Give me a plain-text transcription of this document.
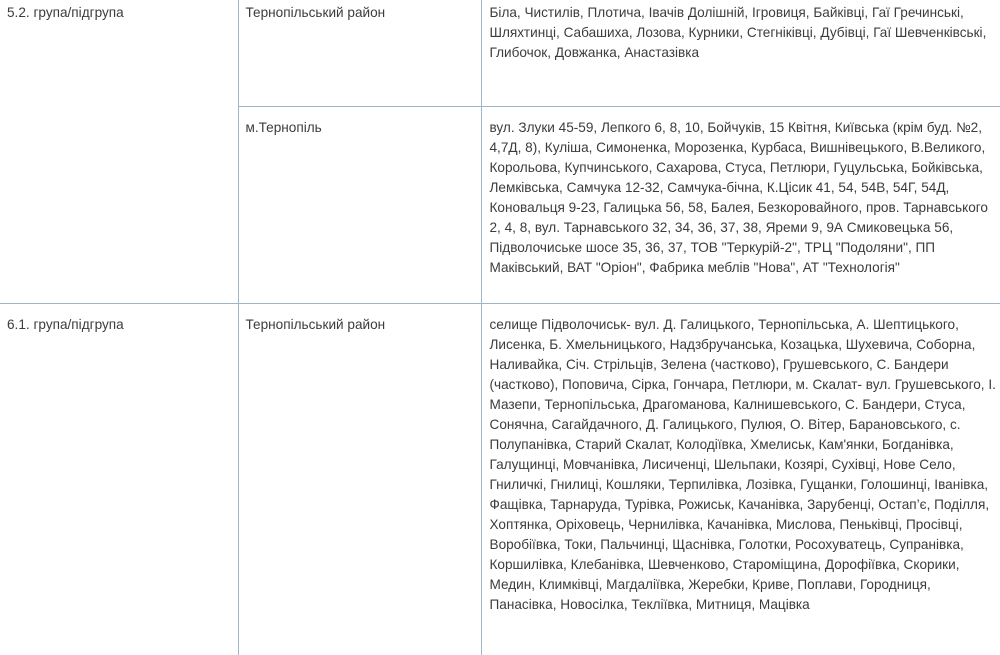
5.2. група/підгрупа	Тернопільський район	Біла, Чистилів, Плотича, Івачів Долішній, Ігровиця, Байківці, Гаї Гречинські, Шляхтинці, Сабашиха, Лозова, Курники, Стегніківці, Дубівці, Гаї Шевченківські, Глибочок, Довжанка, Анастазівка
	м.Тернопіль	вул. Злуки 45-59, Лепкого 6, 8, 10, Бойчуків, 15 Квітня, Київська (крім буд. №2, 4,7Д, 8), Куліша, Симоненка, Морозенка, Курбаса, Вишнівецького, В.Великого, Корольова, Купчинського, Сахарова, Стуса, Петлюри, Гуцульська, Бойківська, Лемківська, Самчука 12-32, Самчука-бічна, К.Цісик 41, 54, 54В, 54Г, 54Д, Коновальця 9-23, Галицька 56, 58, Балея, Безкоровайного, пров. Тарнавського 2, 4, 8, вул. Тарнавського 32, 34, 36, 37, 38, Яреми 9, 9А Смиковецька 56, Підволочиське шосе 35, 36, 37, ТОВ "Теркурій-2", ТРЦ "Подоляни", ПП Маківський, ВАТ "Оріон", Фабрика меблів "Нова", АТ "Технологія"
6.1. група/підгрупа	Тернопільський район	селище Підволочиськ- вул. Д. Галицького, Тернопільська, А. Шептицького, Лисенка, Б. Хмельницького, Надзбручанська, Козацька, Шухевича, Соборна, Наливайка, Січ. Стрільців, Зелена (частково), Грушевського, С. Бандери (частково), Поповича, Сірка, Гончара, Петлюри, м. Скалат- вул. Грушевського, І. Мазепи, Тернопільська, Драгоманова, Калнишевського, С. Бандери, Стуса, Сонячна, Сагайдачного, Д. Галицького, Пулюя, О. Вітер, Барановського, с. Полупанівка, Старий Скалат, Колодіївка, Хмелиськ, Кам'янки, Богданівка, Галущинці, Мовчанівка, Лисиченці, Шельпаки, Козярі, Сухівці, Нове Село, Гниличкі, Гнилиці, Кошляки, Терпилівка, Лозівка, Гущанки, Голошинці, Іванівка, Фащівка, Тарнаруда, Турівка, Рожиськ, Качанівка, Зарубенці, Остап’є, Поділля, Хоптянка, Оріховець, Чернилівка, Качанівка, Мислова, Пеньківці, Просівці, Воробіївка, Токи, Пальчинці, Щаснівка, Голотки, Росохуватець, Супранівка, Коршилівка, Клебанівка, Шевченково, Староміщина, Дорофіївка, Скорики, Медин, Климківці, Магдаліївка, Жеребки, Криве, Поплави, Городниця, Панасівка, Новосілка, Текліївка, Митниця, Мацівка
